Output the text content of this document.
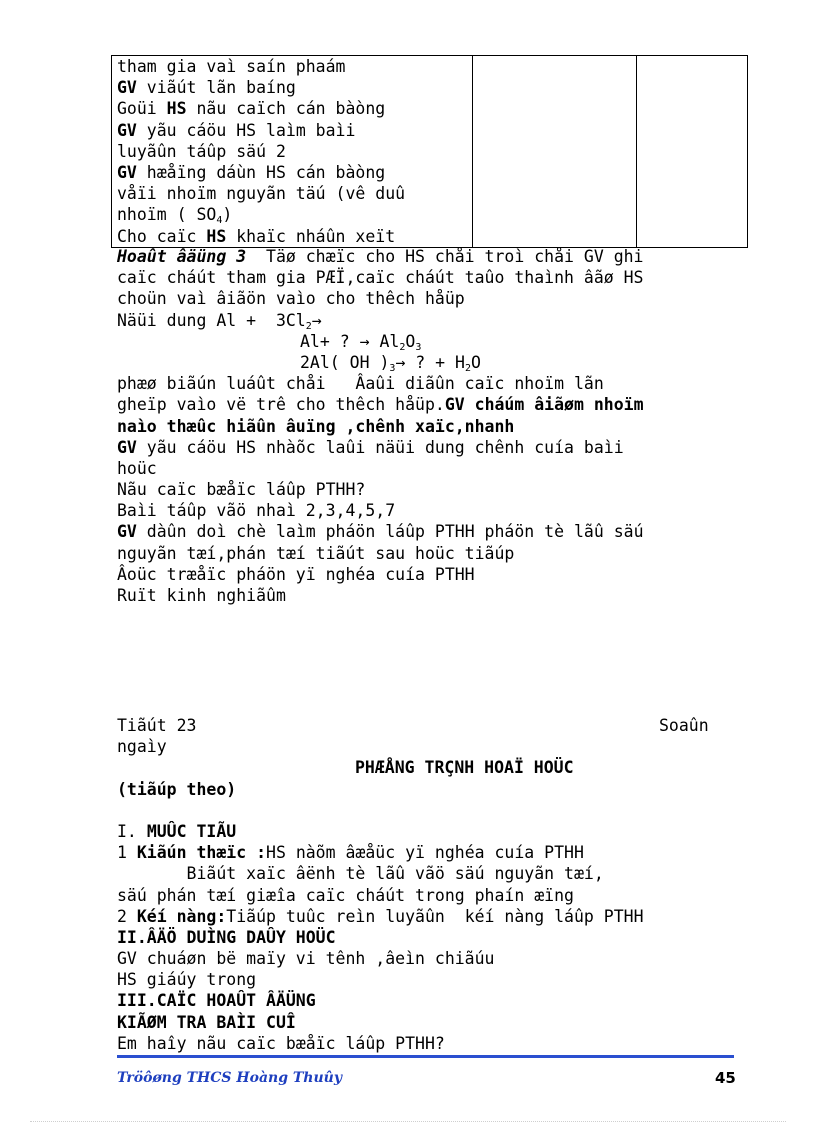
tham gia vaì saín phaám
GV viãút lãn baíng
Goüi HS nãu caïch cán bàòng
GV yãu cáöu HS laìm baìi
luyãûn táûp säú 2
GV hæåïng dáùn HS cán bàòng
våïi nhoïm nguyãn täú (vê duû
nhoïm ( $SO_4$)
Cho caïc HS khaïc nháûn xeït

Hoaût âäüng 3  Täø chæïc cho HS chåi troì chåi GV ghi
caïc cháút tham gia PÆÏ,caïc cháút taûo thaình âãø HS
choün vaì âiãön vaìo cho thêch håüp
Näüi dung $Al + 3Cl_2\to$
Al+ ? → $Al_2O_3$
2Al( OH )$_3\to$ ? + $H_2O$
phæø biãún luáût chåi   Âaûi diãûn caïc nhoïm lãn
gheïp vaìo vë trê cho thêch håüp.GV cháúm âiãøm nhoïm
naìo thæûc hiãûn âuïng ,chênh xaïc,nhanh
GV yãu cáöu HS nhàõc laûi näüi dung chênh cuía baìi
hoüc
Nãu caïc bæåïc láûp PTHH?
Baìi táûp vãö nhaì 2,3,4,5,7
GV dàûn doì chè laìm pháön láûp PTHH pháön tè lãû säú
nguyãn tæí,phán tæí tiãút sau hoüc tiãúp
Âoüc træåïc pháön yï nghéa cuía PTHH
Ruït kinh nghiãûm
Tiãút 23	Soaûn
ngaìy
PHÆÅNG TRÇNH HOAÏ HOÜC
(tiãúp theo)
I. MUÛC TIÃU
1 Kiãún thæïc :HS nàõm âæåüc yï nghéa cuía PTHH
Biãút xaïc âënh tè lãû vãö säú nguyãn tæí,
säú phán tæí giæîa caïc cháút trong phaín æïng
2 Kéí nàng:Tiãúp tuûc reìn luyãûn  kéí nàng láûp PTHH
II.ÂÄÖ DUÌNG DAÛY HOÜC
GV chuáøn bë maïy vi tênh ,âeìn chiãúu
HS giáúy trong
III.CAÏC HOAÛT ÂÄÜNG
KIÃØM TRA BAÌI CUÎ
Em haîy nãu caïc bæåïc láûp PTHH?
Tröôøng THCS Hoàng Thuûy	45
